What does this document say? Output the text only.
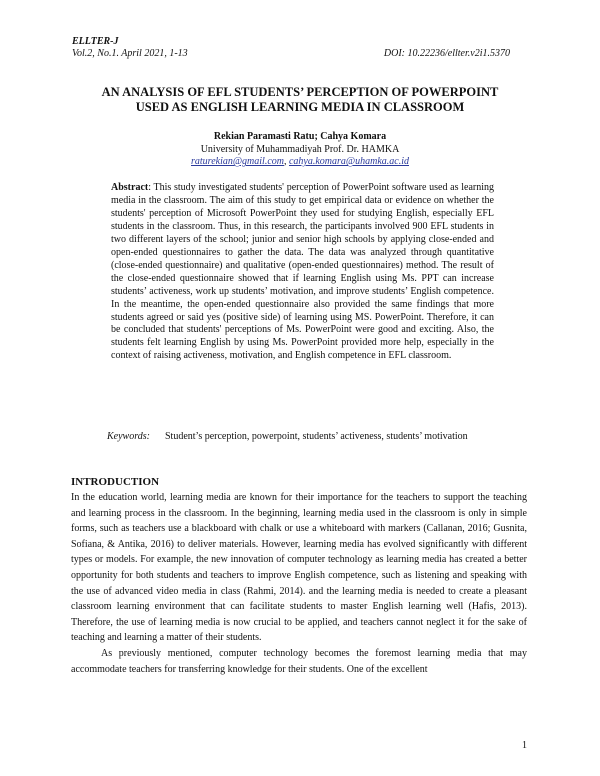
ELLTER-J
Vol.2, No.1. April 2021, 1-13	DOI: 10.22236/ellter.v2i1.5370
AN ANALYSIS OF EFL STUDENTS’ PERCEPTION OF POWERPOINT
USED AS ENGLISH LEARNING MEDIA IN CLASSROOM
Rekian Paramasti Ratu; Cahya Komara
University of Muhammadiyah Prof. Dr. HAMKA
raturekian@gmail.com, cahya.komara@uhamka.ac.id
Abstract: This study investigated students' perception of PowerPoint software used as learning media in the classroom. The aim of this study to get empirical data or evidence on whether the students' perception of Microsoft PowerPoint they used for studying English, especially EFL students in the classroom. Thus, in this research, the participants involved 900 EFL students in two different layers of the school; junior and senior high schools by applying close-ended and open-ended questionnaires to gather the data. The data was analyzed through quantitative (close-ended questionnaire) and qualitative (open-ended questionnaires) method. The result of the close-ended questionnaire showed that if learning English using Ms. PPT can increase students’ activeness, work up students’ motivation, and improve students’ English competence. In the meantime, the open-ended questionnaire also provided the same findings that more students agreed or said yes (positive side) of learning using MS. PowerPoint. Therefore, it can be concluded that students' perceptions of Ms. PowerPoint were good and exciting. Also, the students felt learning English by using Ms. PowerPoint provided more help, especially in the context of raising activeness, motivation, and English competence in EFL classroom.
Keywords:	Student’s perception, powerpoint, students’ activeness, students’ motivation
INTRODUCTION

In the education world, learning media are known for their importance for the teachers to support the teaching and learning process in the classroom. In the beginning, learning media used in the classroom is only in simple forms, such as teachers use a blackboard with chalk or use a whiteboard with markers (Callanan, 2016; Gusnita, Sofiana, & Antika, 2016) to deliver materials. However, learning media has evolved significantly with different types or models. For example, the new innovation of computer technology as learning media has created a better opportunity for both students and teachers to improve English competence, such as listening and speaking with the use of advanced video media in class (Rahmi, 2014). and the learning media is needed to create a pleasant classroom learning environment that can facilitate students to master English learning well (Hafis, 2013). Therefore, the use of learning media is now crucial to be applied, and teachers cannot neglect it for the sake of teaching and learning a matter of their students.

As previously mentioned, computer technology becomes the foremost learning media that may accommodate teachers for transferring knowledge for their students. One of the excellent

1
